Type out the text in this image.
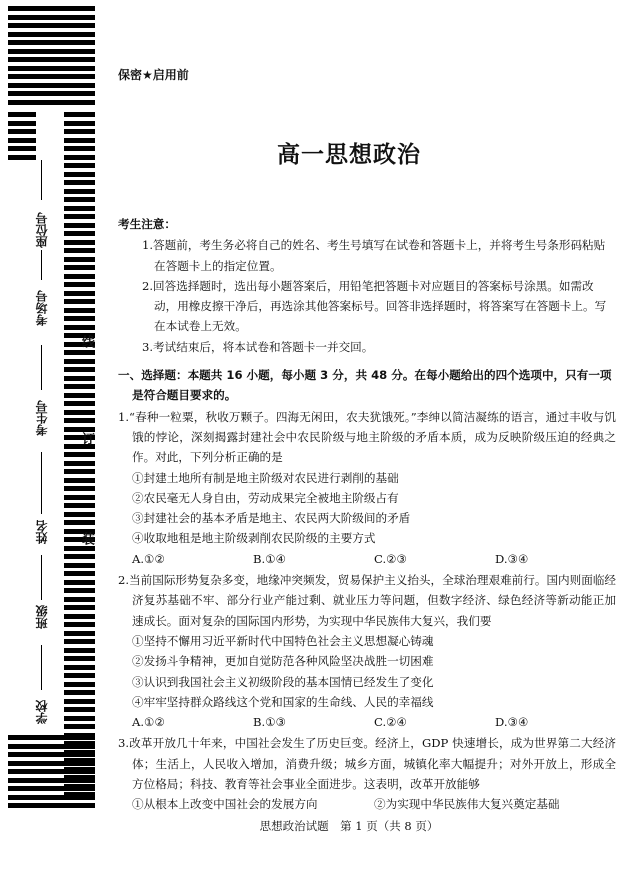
座位号
考场号
考生号
姓名
班级
学校
线
订
装
保密★启用前
高一思想政治
考生注意：

1.答题前，考生务必将自己的姓名、考生号填写在试卷和答题卡上，并将考生号条形码粘贴在答题卡上的指定位置。

2.回答选择题时，选出每小题答案后，用铅笔把答题卡对应题目的答案标号涂黑。如需改动，用橡皮擦干净后，再选涂其他答案标号。回答非选择题时，将答案写在答题卡上。写在本试卷上无效。

3.考试结束后，将本试卷和答题卡一并交回。

一、选择题：本题共 16 小题，每小题 3 分，共 48 分。在每小题给出的四个选项中，只有一项是符合题目要求的。
1.“春种一粒粟，秋收万颗子。四海无闲田，农夫犹饿死。”李绅以简洁凝练的语言，通过丰收与饥饿的悖论，深刻揭露封建社会中农民阶级与地主阶级的矛盾本质，成为反映阶级压迫的经典之作。对此，下列分析正确的是
①封建土地所有制是地主阶级对农民进行剥削的基础
②农民毫无人身自由，劳动成果完全被地主阶级占有
③封建社会的基本矛盾是地主、农民两大阶级间的矛盾
④收取地租是地主阶级剥削农民阶级的主要方式
A.①②	B.①④	C.②③	D.③④
2.当前国际形势复杂多变，地缘冲突频发，贸易保护主义抬头，全球治理艰难前行。国内则面临经济复苏基础不牢、部分行业产能过剩、就业压力等问题，但数字经济、绿色经济等新动能正加速成长。面对复杂的国际国内形势，为实现中华民族伟大复兴，我们要
①坚持不懈用习近平新时代中国特色社会主义思想凝心铸魂
②发扬斗争精神，更加自觉防范各种风险坚决战胜一切困难
③认识到我国社会主义初级阶段的基本国情已经发生了变化
④牢牢坚持群众路线这个党和国家的生命线、人民的幸福线
A.①②	B.①③	C.②④	D.③④
3.改革开放几十年来，中国社会发生了历史巨变。经济上，GDP 快速增长，成为世界第二大经济体；生活上，人民收入增加，消费升级；城乡方面，城镇化率大幅提升；对外开放上，形成全方位格局；科技、教育等社会事业全面进步。这表明，改革开放能够
①从根本上改变中国社会的发展方向	②为实现中华民族伟大复兴奠定基础
思想政治试题　第 1 页（共 8 页）
